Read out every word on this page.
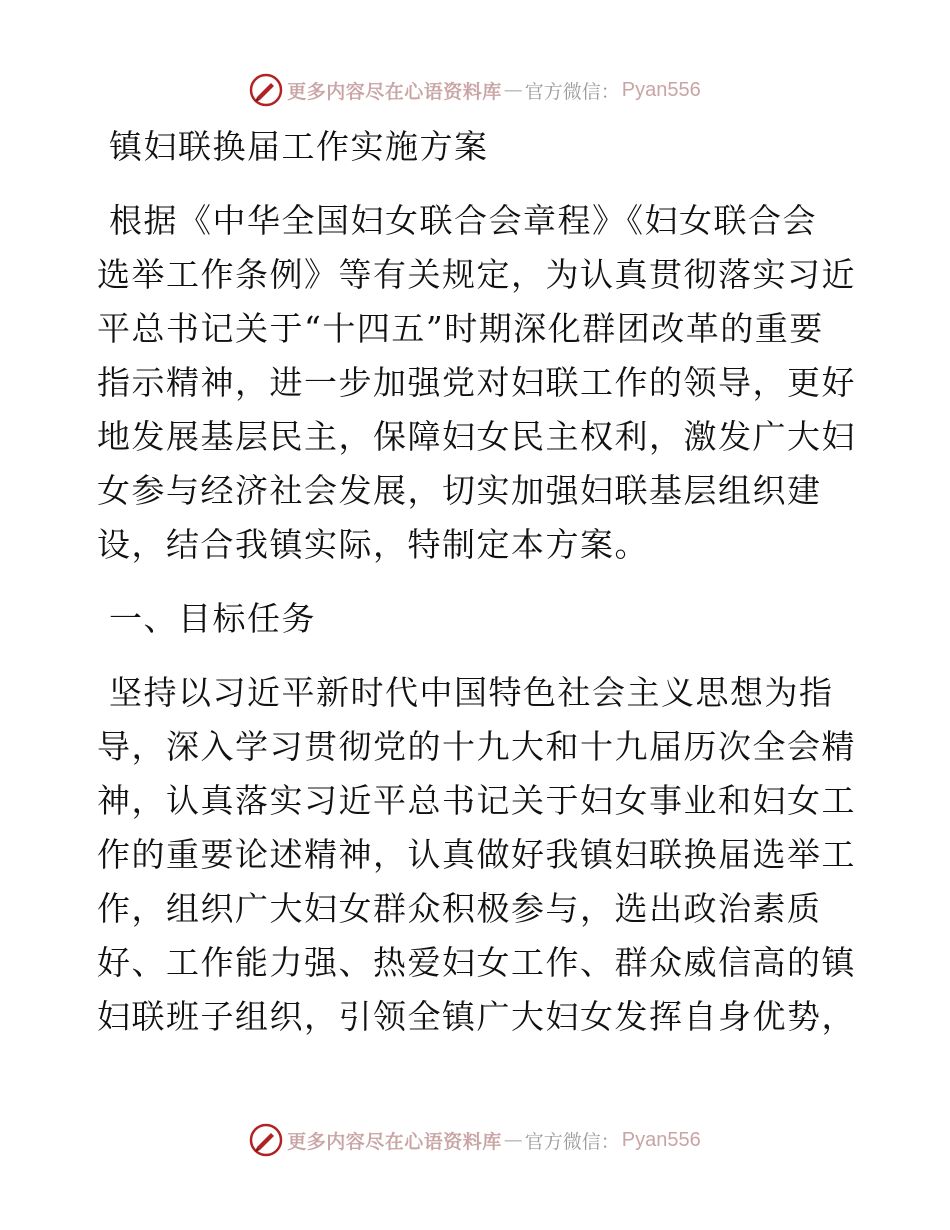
更多内容尽在心语资料库 — 官方微信： Pyan556
镇妇联换届工作实施方案
根据《中华全国妇女联合会章程》《妇女联合会
选举工作条例》等有关规定，为认真贯彻落实习近
平总书记关于“十四五”时期深化群团改革的重要
指示精神，进一步加强党对妇联工作的领导，更好
地发展基层民主，保障妇女民主权利，激发广大妇
女参与经济社会发展，切实加强妇联基层组织建
设，结合我镇实际，特制定本方案。
一、目标任务
坚持以习近平新时代中国特色社会主义思想为指
导，深入学习贯彻党的十九大和十九届历次全会精
神，认真落实习近平总书记关于妇女事业和妇女工
作的重要论述精神，认真做好我镇妇联换届选举工
作，组织广大妇女群众积极参与，选出政治素质
好、工作能力强、热爱妇女工作、群众威信高的镇
妇联班子组织，引领全镇广大妇女发挥自身优势，
更多内容尽在心语资料库 — 官方微信： Pyan556
